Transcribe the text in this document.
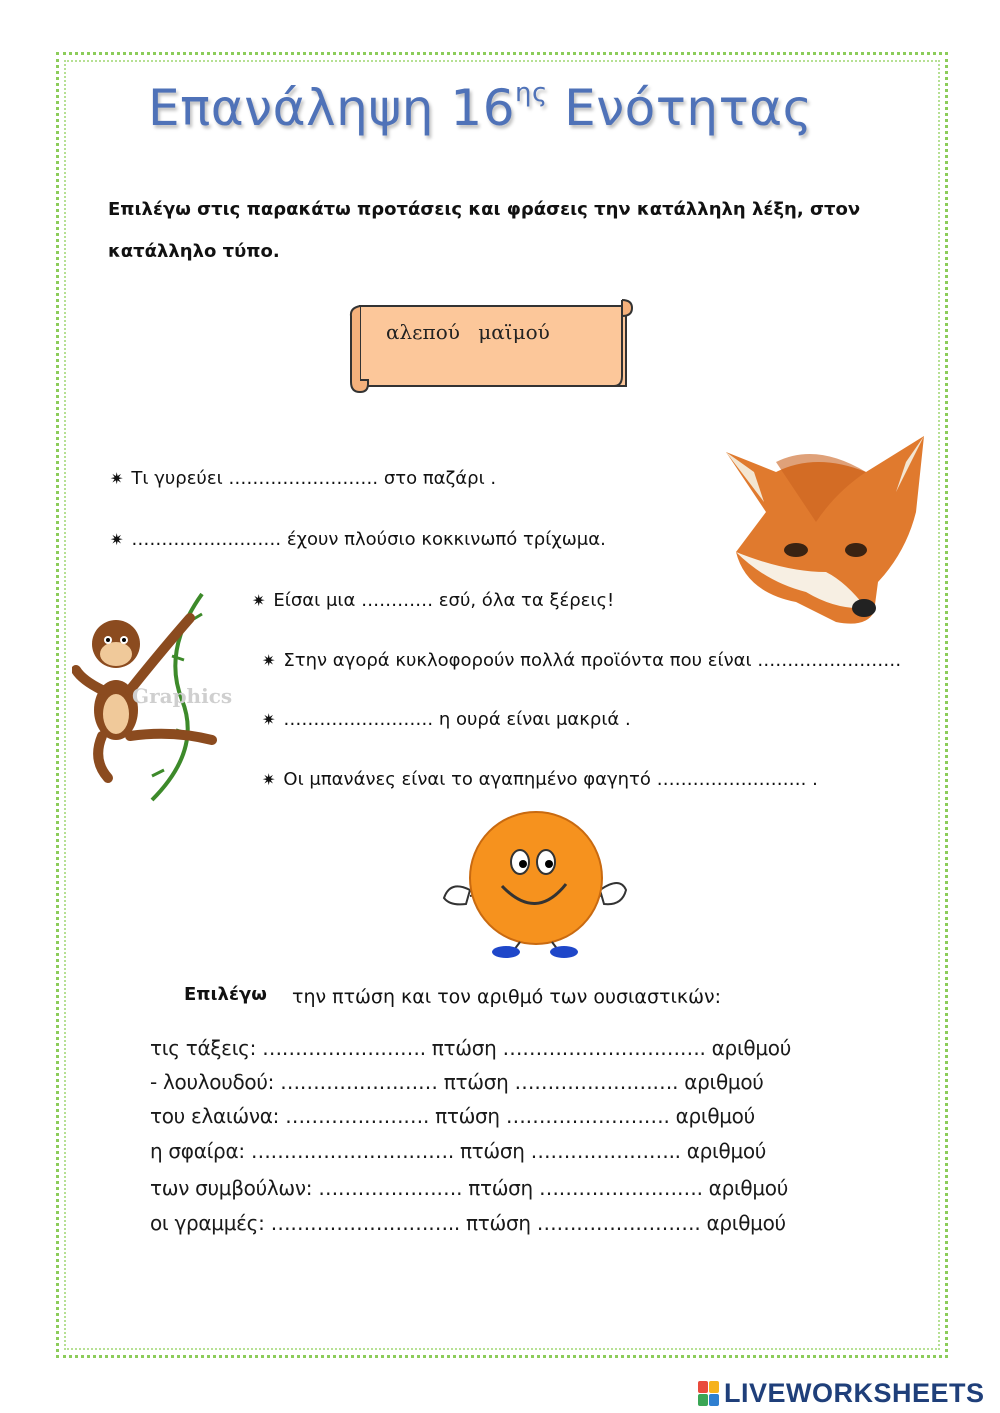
Επανάληψη $16^{\eta\varsigma}$ Ενότητας
Επιλέγω στις παρακάτω προτάσεις και φράσεις την κατάλληλη λέξη, στον
κατάλληλο τύπο.
αλεπού μαϊμού
Graphics
✷ Τι γυρεύει ……………………. στο παζάρι .
✷ ……………………. έχουν πλούσιο κοκκινωπό τρίχωμα.
✷ Είσαι μια ………… εσύ, όλα τα ξέρεις!
✷ Στην αγορά κυκλοφορούν πολλά προϊόντα που είναι ……………………
✷ ……………………. η ουρά είναι μακριά .
✷ Οι μπανάνες είναι το αγαπημένο φαγητό ……………………. .
Επιλέγω την πτώση και τον αριθμό των ουσιαστικών:
τις τάξεις: ……………………. πτώση …………………………. αριθμού
- λουλουδού: …………………… πτώση ……………………. αριθμού
του ελαιώνα: …………………. πτώση ……………………. αριθμού
η σφαίρα: …………………………. πτώση ………………….. αριθμού
των συμβούλων: …………………. πτώση ……………………. αριθμού
οι γραμμές: ……………………….. πτώση ……………………. αριθμού
LIVEWORKSHEETS
